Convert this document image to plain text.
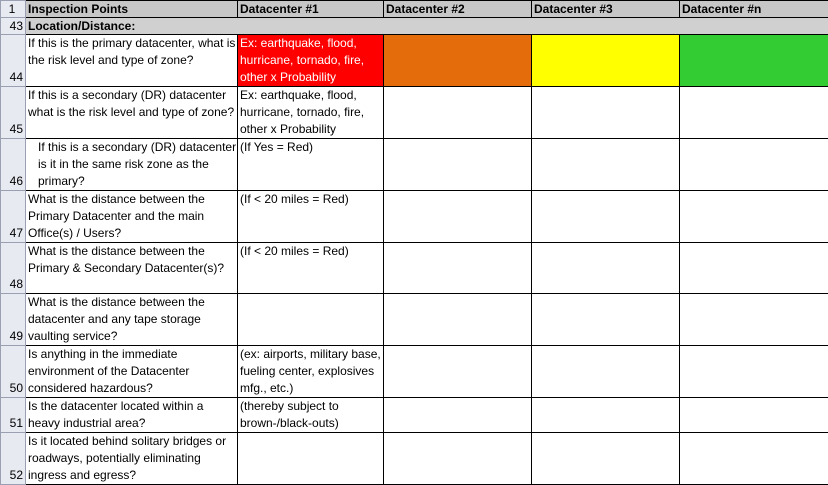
1	Inspection Points	Datacenter #1	Datacenter #2	Datacenter #3	Datacenter #n
43	Location/Distance:				
44	If this is the primary datacenter, what is the risk level and type of zone?	Ex: earthquake, flood, hurricane, tornado, fire, other x Probability			
45	If this is a secondary (DR) datacenter what is the risk level and type of zone?	Ex: earthquake, flood, hurricane, tornado, fire, other x Probability			
46	If this is a secondary (DR) datacenter is it in the same risk zone as the primary?	(If Yes = Red)			
47	What is the distance between the Primary Datacenter and the main Office(s) / Users?	(If < 20 miles = Red)			
48	What is the distance between the Primary & Secondary Datacenter(s)?	(If < 20 miles = Red)			
49	What is the distance between the datacenter and any tape storage vaulting service?				
50	Is anything in the immediate environment of the Datacenter considered hazardous?	(ex: airports, military base, fueling center, explosives mfg., etc.)			
51	Is the datacenter located within a heavy industrial area?	(thereby subject to brown-/black-outs)			
52	Is it located behind solitary bridges or roadways, potentially eliminating ingress and egress?				
